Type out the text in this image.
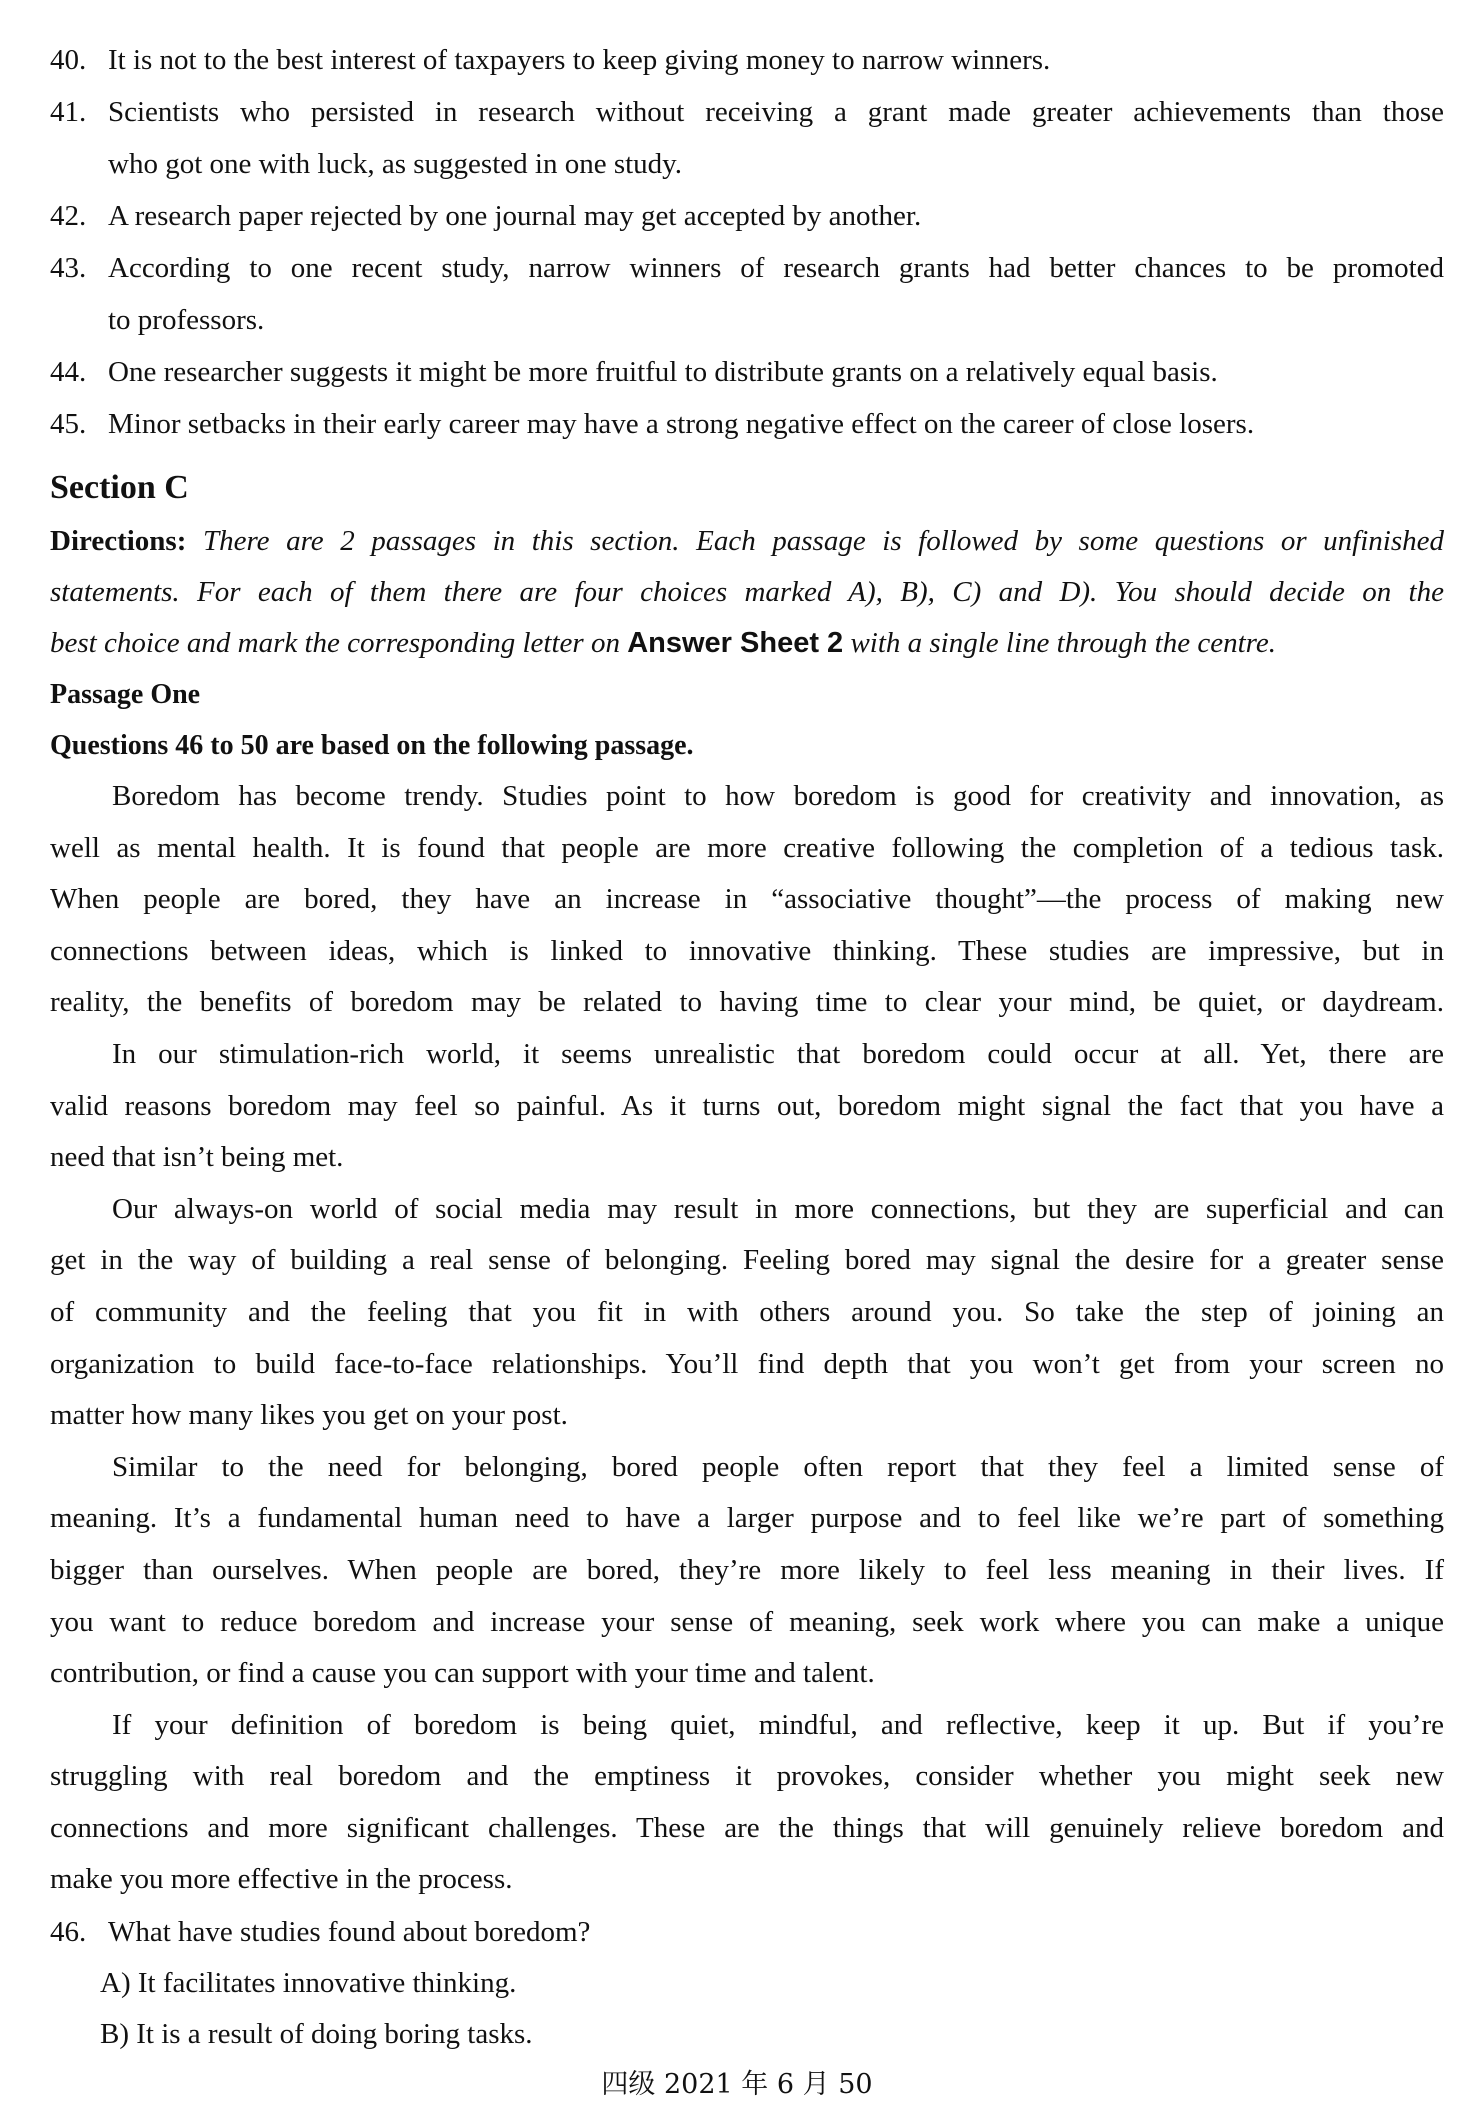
40. It is not to the best interest of taxpayers to keep giving money to narrow winners.
41. Scientists who persisted in research without receiving a grant made greater achievements than those
who got one with luck, as suggested in one study.
42. A research paper rejected by one journal may get accepted by another.
43. According to one recent study, narrow winners of research grants had better chances to be promoted
to professors.
44. One researcher suggests it might be more fruitful to distribute grants on a relatively equal basis.
45. Minor setbacks in their early career may have a strong negative effect on the career of close losers.
Section C
Directions: There are 2 passages in this section. Each passage is followed by some questions or unfinished
statements. For each of them there are four choices marked A), B), C) and D). You should decide on the
best choice and mark the corresponding letter on Answer Sheet 2 with a single line through the centre.
Passage One
Questions 46 to 50 are based on the following passage.
Boredom has become trendy. Studies point to how boredom is good for creativity and innovation, as
well as mental health. It is found that people are more creative following the completion of a tedious task.
When people are bored, they have an increase in “associative thought”—the process of making new
connections between ideas, which is linked to innovative thinking. These studies are impressive, but in
reality, the benefits of boredom may be related to having time to clear your mind, be quiet, or daydream.
In our stimulation-rich world, it seems unrealistic that boredom could occur at all. Yet, there are
valid reasons boredom may feel so painful. As it turns out, boredom might signal the fact that you have a
need that isn’t being met.
Our always-on world of social media may result in more connections, but they are superficial and can
get in the way of building a real sense of belonging. Feeling bored may signal the desire for a greater sense
of community and the feeling that you fit in with others around you. So take the step of joining an
organization to build face-to-face relationships. You’ll find depth that you won’t get from your screen no
matter how many likes you get on your post.
Similar to the need for belonging, bored people often report that they feel a limited sense of
meaning. It’s a fundamental human need to have a larger purpose and to feel like we’re part of something
bigger than ourselves. When people are bored, they’re more likely to feel less meaning in their lives. If
you want to reduce boredom and increase your sense of meaning, seek work where you can make a unique
contribution, or find a cause you can support with your time and talent.
If your definition of boredom is being quiet, mindful, and reflective, keep it up. But if you’re
struggling with real boredom and the emptiness it provokes, consider whether you might seek new
connections and more significant challenges. These are the things that will genuinely relieve boredom and
make you more effective in the process.
46. What have studies found about boredom?
A) It facilitates innovative thinking.
B) It is a result of doing boring tasks.
四级 2021 年 6 月 50
